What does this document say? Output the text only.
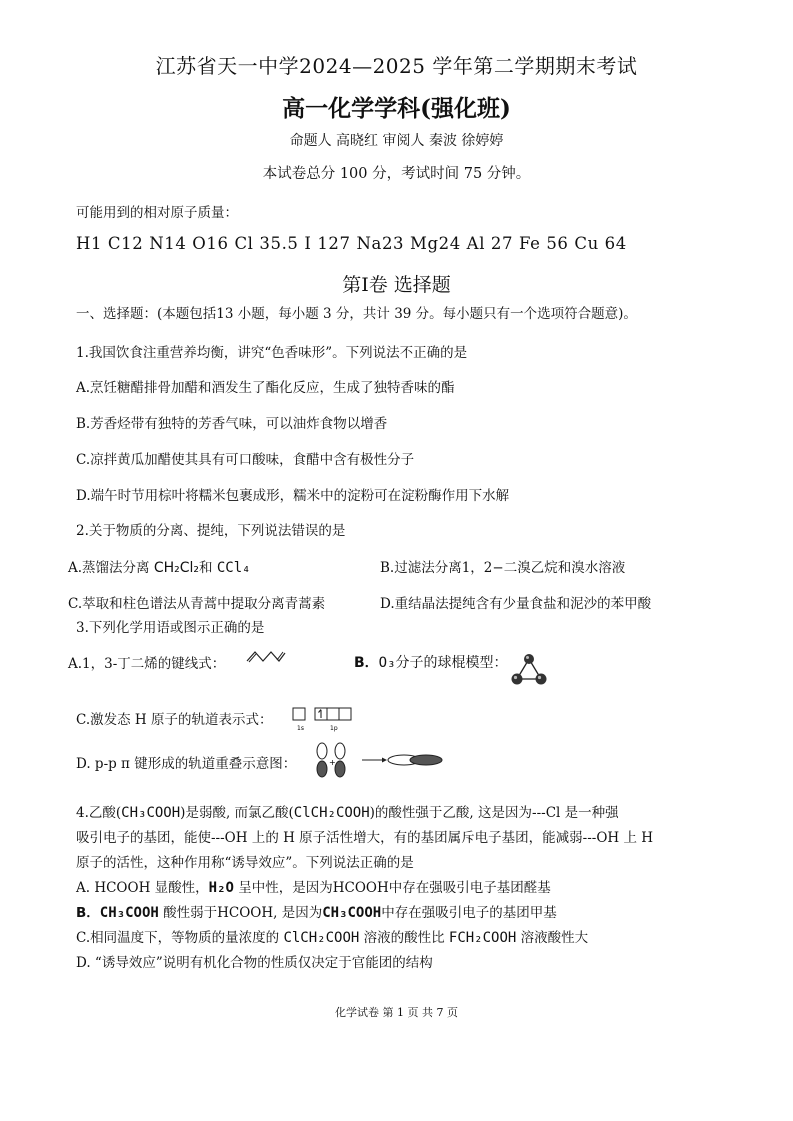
江苏省天一中学2024—2025 学年第二学期期末考试
高一化学学科(强化班)
命题人 高晓红 审阅人 秦波 徐婷婷
本试卷总分 100 分，考试时间 75 分钟。
可能用到的相对原子质量：
H1 C12 N14 O16 Cl 35.5 I 127 Na23 Mg24 Al 27 Fe 56 Cu 64
第Ⅰ卷 选择题
一、选择题：(本题包括13 小题，每小题 3 分，共计 39 分。每小题只有一个选项符合题意)。
1.我国饮食注重营养均衡，讲究“色香味形”。下列说法不正确的是
A.烹饪糖醋排骨加醋和酒发生了酯化反应，生成了独特香味的酯
B.芳香烃带有独特的芳香气味，可以油炸食物以增香
C.凉拌黄瓜加醋使其具有可口酸味，食醋中含有极性分子
D.端午时节用棕叶将糯米包裹成形，糯米中的淀粉可在淀粉酶作用下水解
2.关于物质的分离、提纯，下列说法错误的是
A.蒸馏法分离 CH₂Cl₂和 CCl₄	B.过滤法分离1，2−二溴乙烷和溴水溶液
C.萃取和柱色谱法从青蒿中提取分离青蒿素	D.重结晶法提纯含有少量食盐和泥沙的苯甲酸
3.下列化学用语或图示正确的是
A.1，3-丁二烯的键线式：	B．O₃分子的球棍模型：
C.激发态 H 原子的轨道表示式：
1s	1p
D. p-p π 键形成的轨道重叠示意图：	+
4.乙酸(CH₃COOH)是弱酸, 而氯乙酸(ClCH₂COOH)的酸性强于乙酸, 这是因为---Cl 是一种强
吸引电子的基团，能使---OH 上的 H 原子活性增大，有的基团属斥电子基团，能减弱---OH 上 H
原子的活性，这种作用称“诱导效应”。下列说法正确的是
A. HCOOH 显酸性，H₂O 呈中性，是因为HCOOH中存在强吸引电子基团醛基
B．CH₃COOH 酸性弱于HCOOH, 是因为CH₃COOH中存在强吸引电子的基团甲基
C.相同温度下，等物质的量浓度的 ClCH₂COOH 溶液的酸性比 FCH₂COOH 溶液酸性大
D. “诱导效应”说明有机化合物的性质仅决定于官能团的结构
化学试卷 第 1 页 共 7 页
